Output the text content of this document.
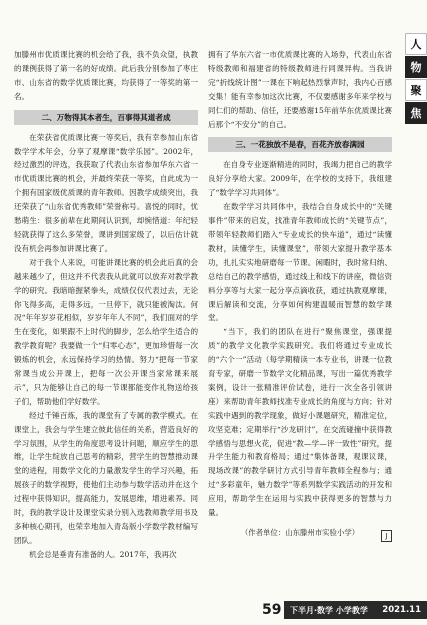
人
物
聚
焦

加滕州市优质课比赛的机会给了我，我不负众望，执教的课例获得了第一名的好成绩。此后我分别参加了枣庄市、山东省的数学优质课比赛，均获得了一等奖的第一名。

二、万物得其本者生，百事得其道者成

在荣获省优质课比赛一等奖后，我有幸参加山东省数学学术年会，分享了观摩课“数学乐园”。2002年，经过激烈的评选，我获取了代表山东省参加华东六省一市优质课比赛的机会，并最终荣获一等奖，自此成为一个拥有国家级优质课的青年教师。因教学成绩突出，我还荣获了“山东省优秀教师”荣誉称号。喜悦的同时，忧愁萌生：很多前辈在此期间认识到，却惋惜道：年纪轻轻就获得了这么多荣誉，课讲到国家级了，以后估计就没有机会再参加讲课比赛了。

对于我个人来说，可能讲课比赛的机会此后真的会越来越少了，但这并不代表我从此就可以放弃对教学教学的研究。我暗暗握紧拳头，成绩仅仅代表过去，无论你飞得多高，走得多远，一旦停下，就只能被淘汰。何况“年年岁岁花相似，岁岁年年人不同”，我们面对的学生在变化，如果跟不上时代的脚步，怎么给学生适合的教学教育呢？我要做一个“归零心态”，更加珍惜每一次锻炼的机会，永远保持学习的热情。努力“把每一节家常课当成公开课上，把每一次公开课当家常课来展示”，只为能够让自己的每一节课都能变作礼物送给孩子们，帮助他们学好数学。

经过千锤百炼，我的课堂有了专属的教学模式。在课堂上，我会与学生建立彼此信任的关系，营造良好的学习氛围，从学生的角度思考设计问题，顺应学生的思维，让学生绽放自己思考的精彩，营学生的智慧推动课堂的进程，用数学文化的力量激发学生的学习兴趣，拓展孩子的数学视野，使他们主动参与数学活动并在这个过程中获得知识，提高能力，发展思维，增进素养。同时，我的教学设计及课堂实录分别入选教师教学用书及多种核心期刊，也荣幸地加入青岛版小学数学教材编写团队。

机会总是垂青有准备的人。2017年，我再次

拥有了华东六省一市优质课比赛的入场券，代表山东省特级教师和福建省的特级教师进行同课异构。当我讲完“折线统计图”一课在下响起热烈掌声时，我内心百感交集！能有幸参加这次比赛，不仅要感谢多年来学校与同仁们的帮助、信任，还要感谢15年前华东优质课比赛后那个“不安分”的自己。

三、一花独放不是春，百花齐放春满园

在自身专业逐渐精进的同时，我竭力把自己的教学良好分享给大家。2009年，在学校的支持下，我组建了“数学学习共同体”。

在数学学习共同体中，我结合自身成长中的“关键事件”带来的启发，找准青年教师成长的“关键节点”，带领年轻教师们踏入“专业成长的快车道”，通过“读懂教材，读懂学生，读懂课堂”，带领大家提升教学基本功，扎扎实实地研磨每一节课。闲暇时，我时常归纳、总结自己的教学感悟，通过线上和线下的讲座，微信资料分享等与大家一起分享点滴收获，通过执教观摩课，课后解读和交流，分享如何构建温暖而智慧的数学课堂。

“当下，我们的团队在进行“聚焦课堂，强课提质”的教学文化教学实践研究。我们将通过专业成长的“六个一”活动（每学期精读一本专业书，讲课一位教育专家，研磨一节数学文化精品课，写出一篇优秀教学案例，设计一张精准评价试卷，进行一次全各引领讲座）来帮助青年教师找准专业成长的角度与方向；针对实践中遇到的教学现象，做好小课题研究，精准定位，攻坚克难；定期举行“沙龙研讨”，在交流碰撞中获得教学感悟与思想火花，促进“教—学—评一致性”研究，提升学生能力和教育格局；通过“集体备课，观课议课，现场改课”的教学研讨方式引导青年教师全程参与；通过“多彩童年，魅力数学”等系列数学实践活动的开发和应用，帮助学生在运用与实践中获得更多的智慧与力量。

（作者单位：山东滕州市实验小学）	J
59 下半月·数学 小学教学	2021.11
